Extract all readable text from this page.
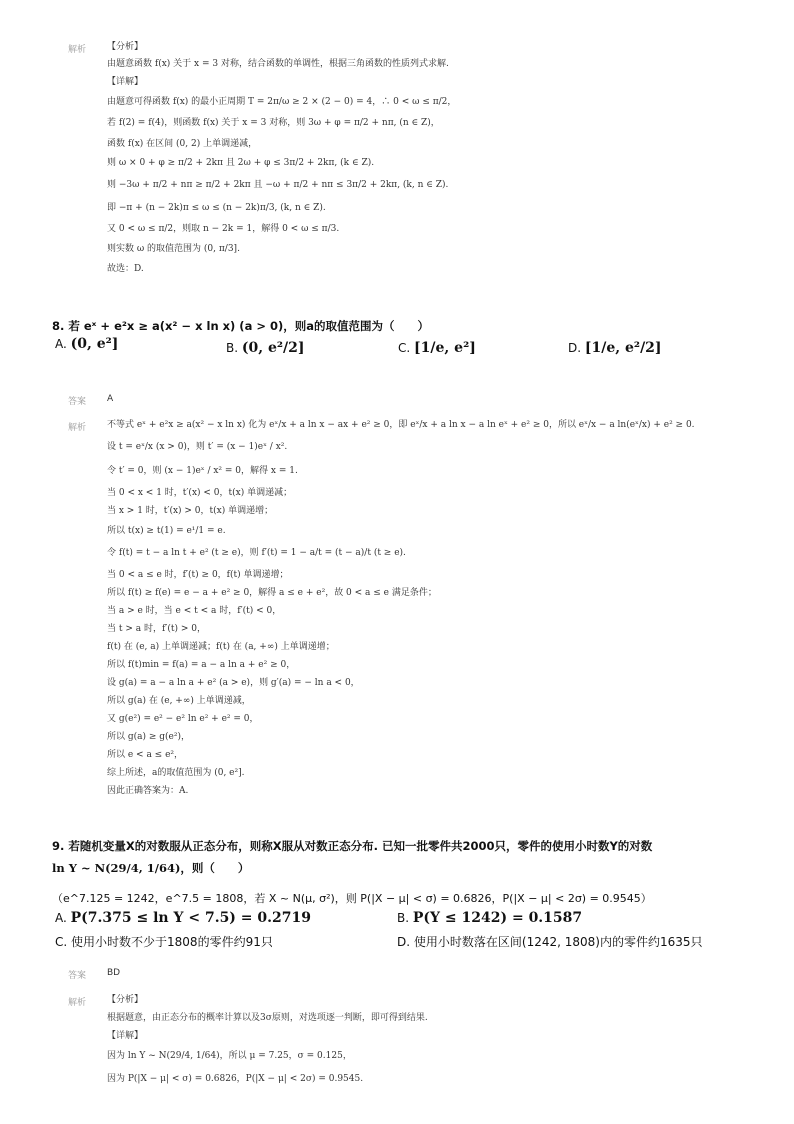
解析 【分析】
由题意函数 f(x) 关于 x = 3 对称，结合函数的单调性，根据三角函数的性质列式求解.
【详解】
由题意可得函数 f(x) 的最小正周期 T = 2π/ω ≥ 2 × (2 − 0) = 4，∴ 0 < ω ≤ π/2，
若 f(2) = f(4)，则函数 f(x) 关于 x = 3 对称，则 3ω + φ = π/2 + nπ, (n ∈ Z)，
函数 f(x) 在区间 (0, 2) 上单调递减，
则 ω × 0 + φ ≥ π/2 + 2kπ 且 2ω + φ ≤ 3π/2 + 2kπ, (k ∈ Z).
则 −3ω + π/2 + nπ ≥ π/2 + 2kπ 且 −ω + π/2 + nπ ≤ 3π/2 + 2kπ, (k, n ∈ Z).
即 −π + (n − 2k)π ≤ ω ≤ (n − 2k)π/3, (k, n ∈ Z).
又 0 < ω ≤ π/2，则取 n − 2k = 1，解得 0 < ω ≤ π/3.
则实数 ω 的取值范围为 (0, π/3].
故选：D.
8. 若 eˣ + e²x ≥ a(x² − x ln x) (a > 0)，则a的取值范围为（　　）
A. (0, e²]	B. (0, e²/2]	C. [1/e, e²]	D. [1/e, e²/2]
答案 A
解析 不等式 eˣ + e²x ≥ a(x² − x ln x) 化为 eˣ/x + a ln x − ax + e² ≥ 0，即 eˣ/x + a ln x − a ln eˣ + e² ≥ 0，所以 eˣ/x − a ln(eˣ/x) + e² ≥ 0.
设 t = eˣ/x (x > 0)，则 t′ = (x − 1)eˣ / x².
令 t′ = 0，则 (x − 1)eˣ / x² = 0，解得 x = 1.
当 0 < x < 1 时，t′(x) < 0，t(x) 单调递减；
当 x > 1 时，t′(x) > 0，t(x) 单调递增；
所以 t(x) ≥ t(1) = e¹/1 = e.
令 f(t) = t − a ln t + e² (t ≥ e)，则 f′(t) = 1 − a/t = (t − a)/t (t ≥ e).
当 0 < a ≤ e 时，f′(t) ≥ 0，f(t) 单调递增；
所以 f(t) ≥ f(e) = e − a + e² ≥ 0，解得 a ≤ e + e²，故 0 < a ≤ e 满足条件；
当 a > e 时，当 e < t < a 时，f′(t) < 0，
当 t > a 时，f′(t) > 0，
f(t) 在 (e, a) 上单调递减；f(t) 在 (a, +∞) 上单调递增；
所以 f(t)min = f(a) = a − a ln a + e² ≥ 0，
设 g(a) = a − a ln a + e² (a > e)，则 g′(a) = − ln a < 0，
所以 g(a) 在 (e, +∞) 上单调递减，
又 g(e²) = e² − e² ln e² + e² = 0，
所以 g(a) ≥ g(e²)，
所以 e < a ≤ e²，
综上所述，a的取值范围为 (0, e²].
因此正确答案为：A.
9. 若随机变量X的对数服从正态分布，则称X服从对数正态分布. 已知一批零件共2000只，零件的使用小时数Y的对数
ln Y ~ N(29/4, 1/64)，则（　　）
（e^7.125 = 1242，e^7.5 = 1808，若 X ~ N(μ, σ²)，则 P(|X − μ| < σ) = 0.6826，P(|X − μ| < 2σ) = 0.9545）
A. P(7.375 ≤ ln Y < 7.5) = 0.2719	B. P(Y ≤ 1242) = 0.1587
C. 使用小时数不少于1808的零件约91只	D. 使用小时数落在区间(1242, 1808)内的零件约1635只
答案 BD
解析 【分析】
根据题意，由正态分布的概率计算以及3σ原则，对选项逐一判断，即可得到结果.
【详解】
因为 ln Y ~ N(29/4, 1/64)，所以 μ = 7.25，σ = 0.125，
因为 P(|X − μ| < σ) = 0.6826，P(|X − μ| < 2σ) = 0.9545.
